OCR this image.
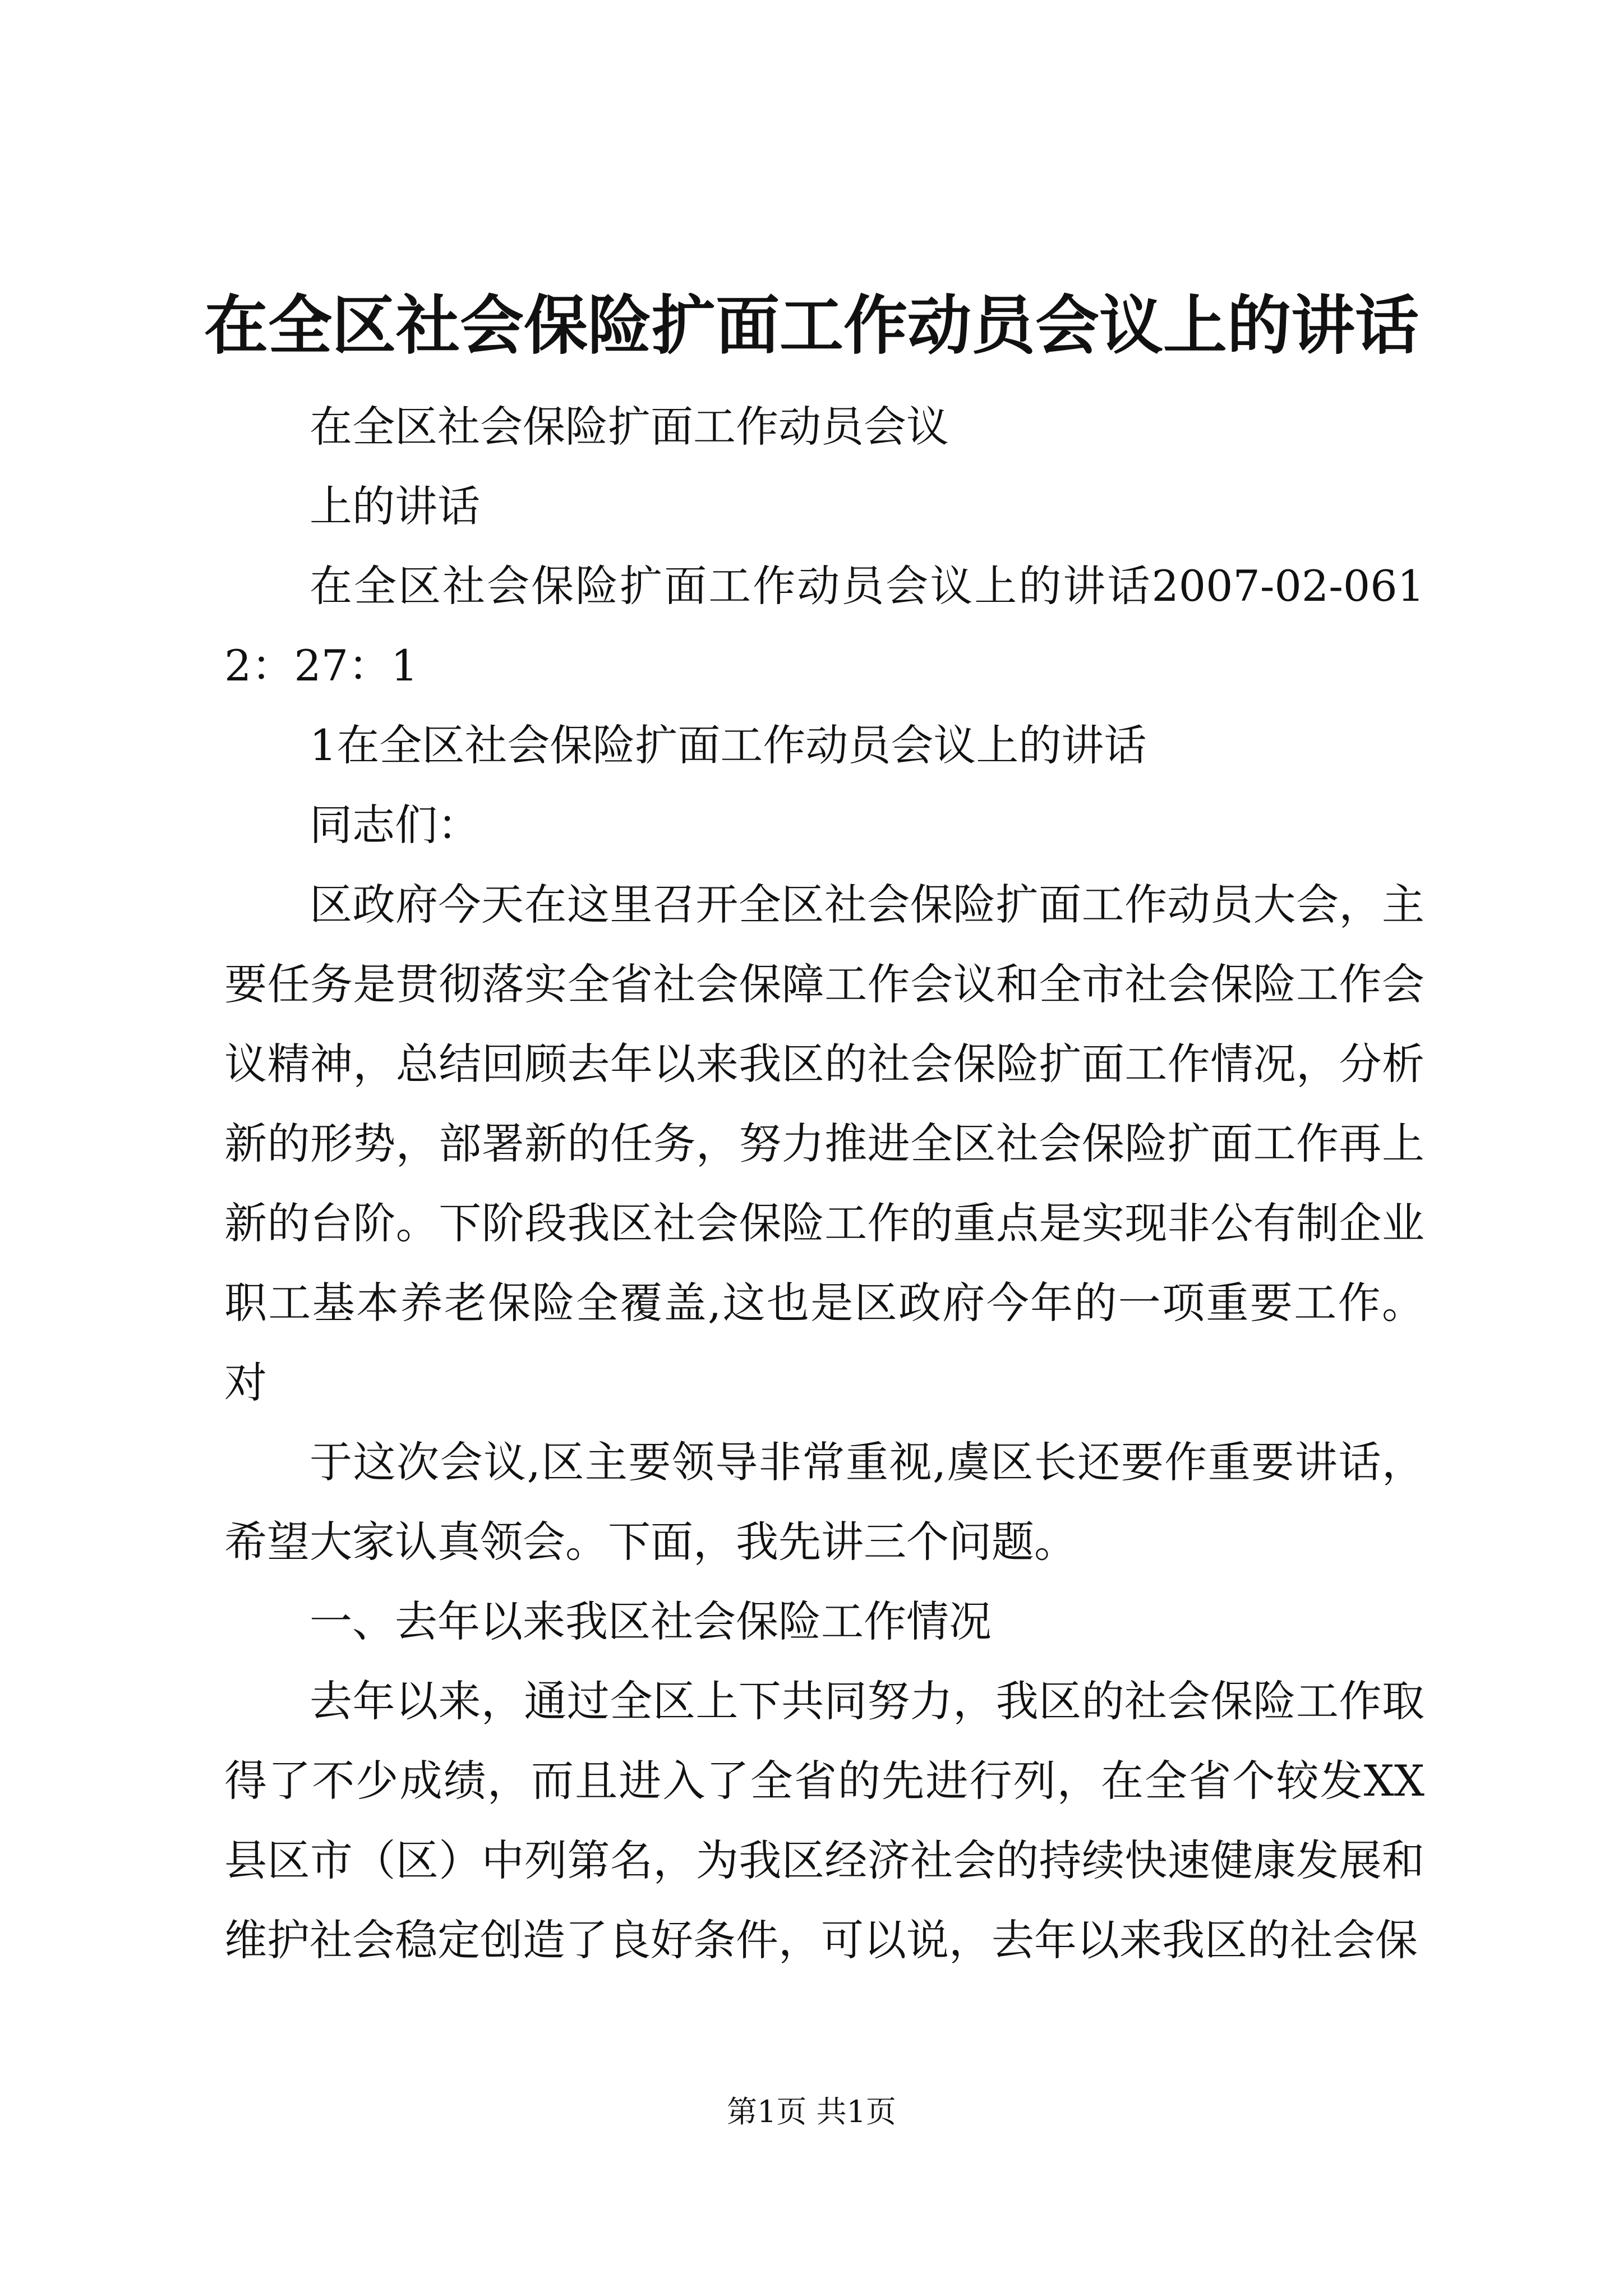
在全区社会保险扩面工作动员会议上的讲话

在全区社会保险扩面工作动员会议

上的讲话

在全区社会保险扩面工作动员会议上的讲话2007-02-0612：27：1

1在全区社会保险扩面工作动员会议上的讲话

同志们：

区政府今天在这里召开全区社会保险扩面工作动员大会，主要任务是贯彻落实全省社会保障工作会议和全市社会保险工作会议精神，总结回顾去年以来我区的社会保险扩面工作情况，分析新的形势，部署新的任务，努力推进全区社会保险扩面工作再上新的台阶。下阶段我区社会保险工作的重点是实现非公有制企业职工基本养老保险全覆盖,这也是区政府今年的一项重要工作。对

于这次会议,区主要领导非常重视,虞区长还要作重要讲话，希望大家认真领会。下面，我先讲三个问题。

一、去年以来我区社会保险工作情况

去年以来，通过全区上下共同努力，我区的社会保险工作取得了不少成绩，而且进入了全省的先进行列，在全省个较发XX县区市（区）中列第名，为我区经济社会的持续快速健康发展和维护社会稳定创造了良好条件，可以说，去年以来我区的社会保

第1页 共1页
